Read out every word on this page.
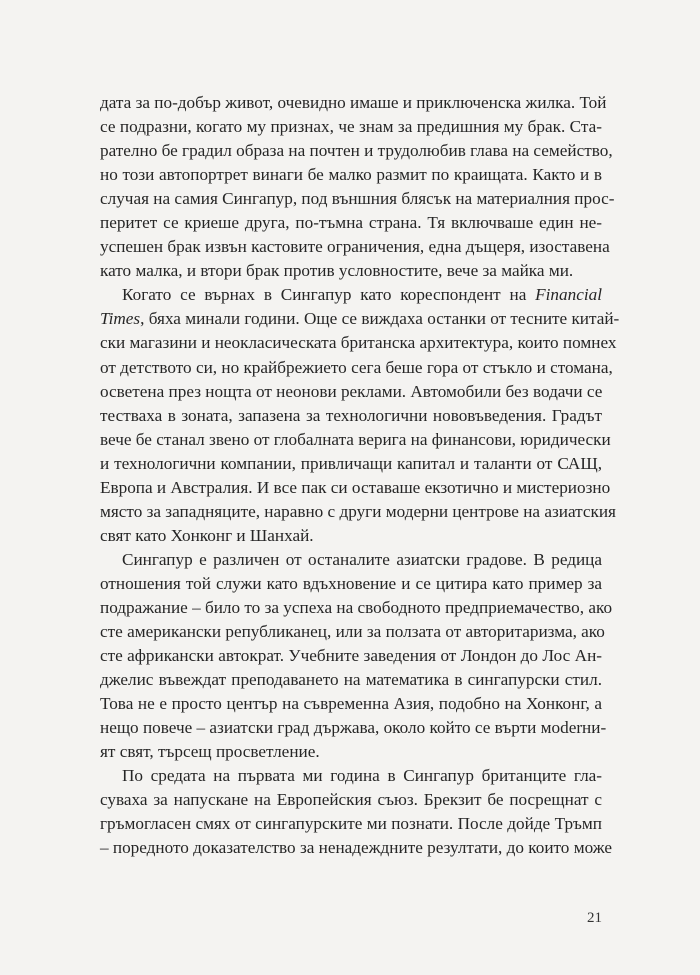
дата за по-добър живот, очевидно имаше и приключенска жилка. Той
се подразни, когато му признах, че знам за предишния му брак. Ста-
рателно бе градил образа на почтен и трудолюбив глава на семейство,
но този автопортрет винаги бе малко размит по краищата. Както и в
случая на самия Сингапур, под външния блясък на материалния прос-
перитет се криеше друга, по-тъмна страна. Тя включваше един не-
успешен брак извън кастовите ограничения, една дъщеря, изоставена
като малка, и втори брак против условностите, вече за майка ми.
Когато се върнах в Сингапур като кореспондент на Financial
Times, бяха минали години. Още се виждаха останки от тесните китай-
ски магазини и неокласическата британска архитектура, които помнех
от детството си, но крайбрежието сега беше гора от стъкло и стомана,
осветена през нощта от неонови реклами. Автомобили без водачи се
тестваха в зоната, запазена за технологични нововъведения. Градът
вече бе станал звено от глобалната верига на финансови, юридически
и технологични компании, привличащи капитал и таланти от САЩ,
Европа и Австралия. И все пак си оставаше екзотично и мистериозно
място за западняците, наравно с други модерни центрове на азиатския
свят като Хонконг и Шанхай.
Сингапур е различен от останалите азиатски градове. В редица
отношения той служи като вдъхновение и се цитира като пример за
подражание – било то за успеха на свободното предприемачество, ако
сте американски републиканец, или за ползата от авторитаризма, ако
сте африкански автократ. Учебните заведения от Лондон до Лос Ан-
джелис въвеждат преподаването на математика в сингапурски стил.
Това не е просто център на съвременна Азия, подобно на Хонконг, а
нещо повече – азиатски град държава, около който се върти моderни-
ят свят, търсещ просветление.
По средата на първата ми година в Сингапур британците гла-
суваха за напускане на Европейския съюз. Брекзит бе посрещнат с
гръмогласен смях от сингапурските ми познати. После дойде Тръмп
– поредното доказателство за ненадеждните резултати, до които може
21
